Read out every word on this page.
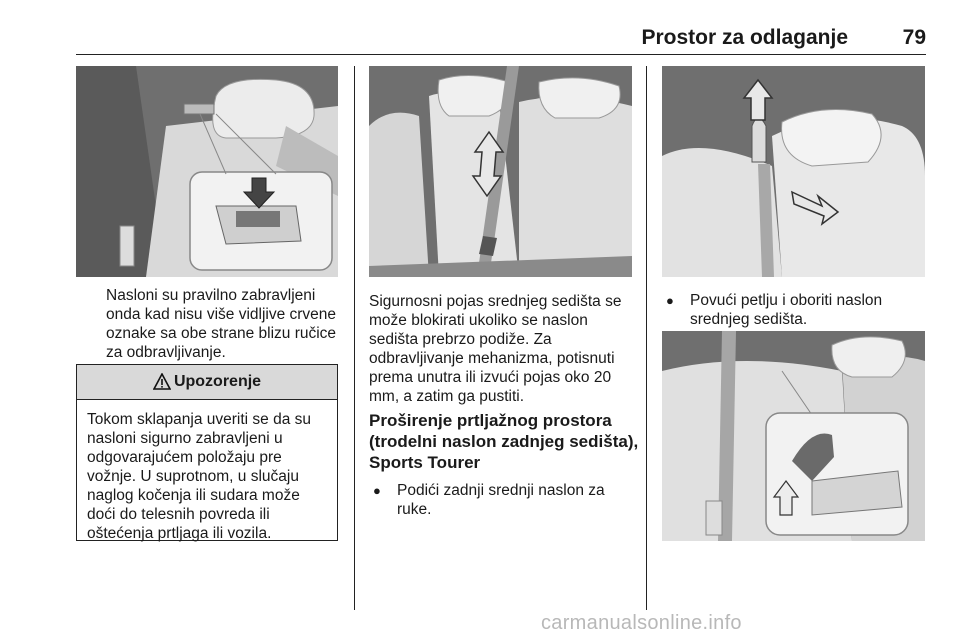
Prostor za odlaganje	79
Nasloni su pravilno zabravljeni onda kad nisu više vidljive crvene oznake sa obe strane blizu ručice za odbravljivanje.
Upozorenje
Tokom sklapanja uveriti se da su nasloni sigurno zabravljeni u odgovarajućem položaju pre vožnje. U suprotnom, u slučaju naglog kočenja ili sudara može doći do telesnih povreda ili oštećenja prtljaga ili vozila.
Sigurnosni pojas srednjeg sedišta se može blokirati ukoliko se naslon sedišta prebrzo podiže. Za odbravljivanje mehanizma, potisnuti prema unutra ili izvući pojas oko 20 mm, a zatim ga pustiti.
Proširenje prtljažnog prostora (trodelni naslon zadnjeg sedišta), Sports Tourer
●	Podići zadnji srednji naslon za ruke.
●	Povući petlju i oboriti naslon srednjeg sedišta.
carmanualsonline.info
